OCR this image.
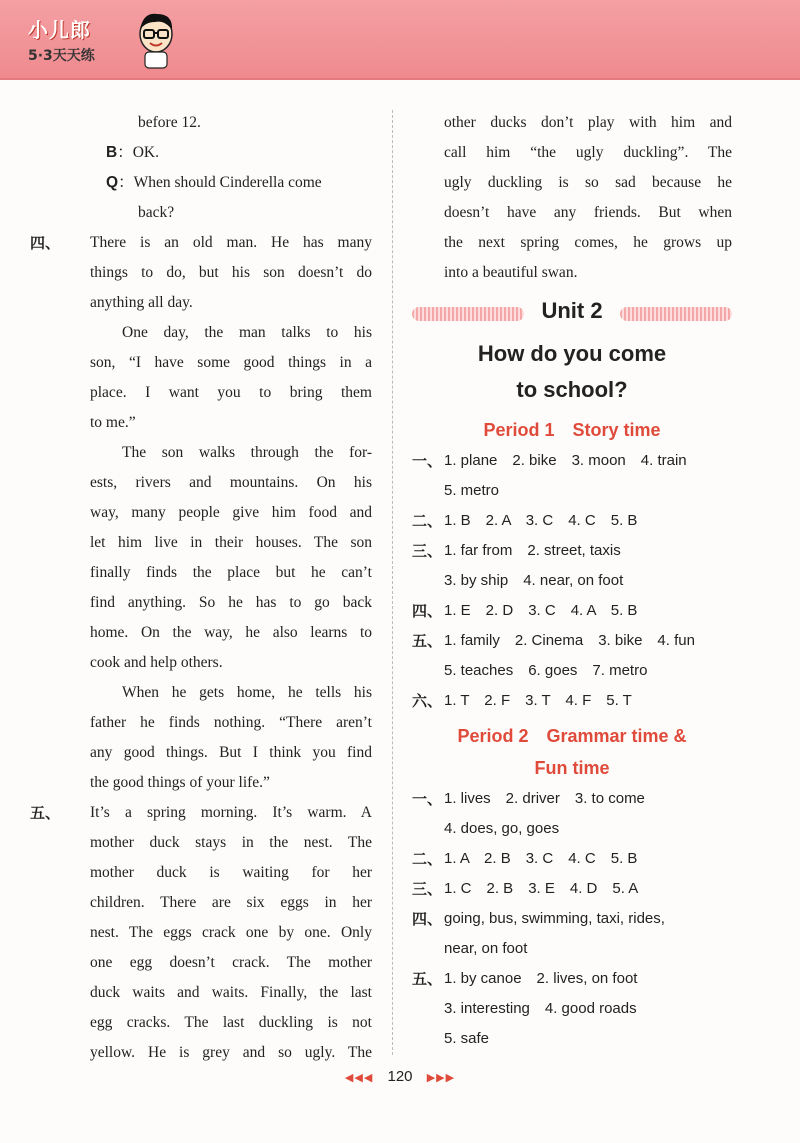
小儿郎
5·3天天练
before 12.
B：OK.
Q：When should Cinderella come
back?
四、 There is an old man. He has many
things to do, but his son doesn’t do
anything all day.
One day, the man talks to his
son, “I have some good things in a
place. I want you to bring them
to me.”
The son walks through the for-
ests, rivers and mountains. On his
way, many people give him food and
let him live in their houses. The son
finally finds the place but he can’t
find anything. So he has to go back
home. On the way, he also learns to
cook and help others.
When he gets home, he tells his
father he finds nothing. “There aren’t
any good things. But I think you find
the good things of your life.”
五、 It’s a spring morning. It’s warm. A
mother duck stays in the nest. The
mother duck is waiting for her
children. There are six eggs in her
nest. The eggs crack one by one. Only
one egg doesn’t crack. The mother
duck waits and waits. Finally, the last
egg cracks. The last duckling is not
yellow. He is grey and so ugly. The
other ducks don’t play with him and
call him “the ugly duckling”. The
ugly duckling is so sad because he
doesn’t have any friends. But when
the next spring comes, he grows up
into a beautiful swan.
Unit 2
How do you come
to school?
Period 1　Story time
一、 1. plane　2. bike　3. moon　4. train
5. metro
二、 1. B　2. A　3. C　4. C　5. B
三、 1. far from　2. street, taxis
3. by ship　4. near, on foot
四、 1. E　2. D　3. C　4. A　5. B
五、 1. family　2. Cinema　3. bike　4. fun
5. teaches　6. goes　7. metro
六、 1. T　2. F　3. T　4. F　5. T
Period 2　Grammar time &
Fun time
一、 1. lives　2. driver　3. to come
4. does, go, goes
二、 1. A　2. B　3. C　4. C　5. B
三、 1. C　2. B　3. E　4. D　5. A
四、 going, bus, swimming, taxi, rides,
near, on foot
五、 1. by canoe　2. lives, on foot
3. interesting　4. good roads
5. safe
◀◀◀ 120 ▶▶▶
